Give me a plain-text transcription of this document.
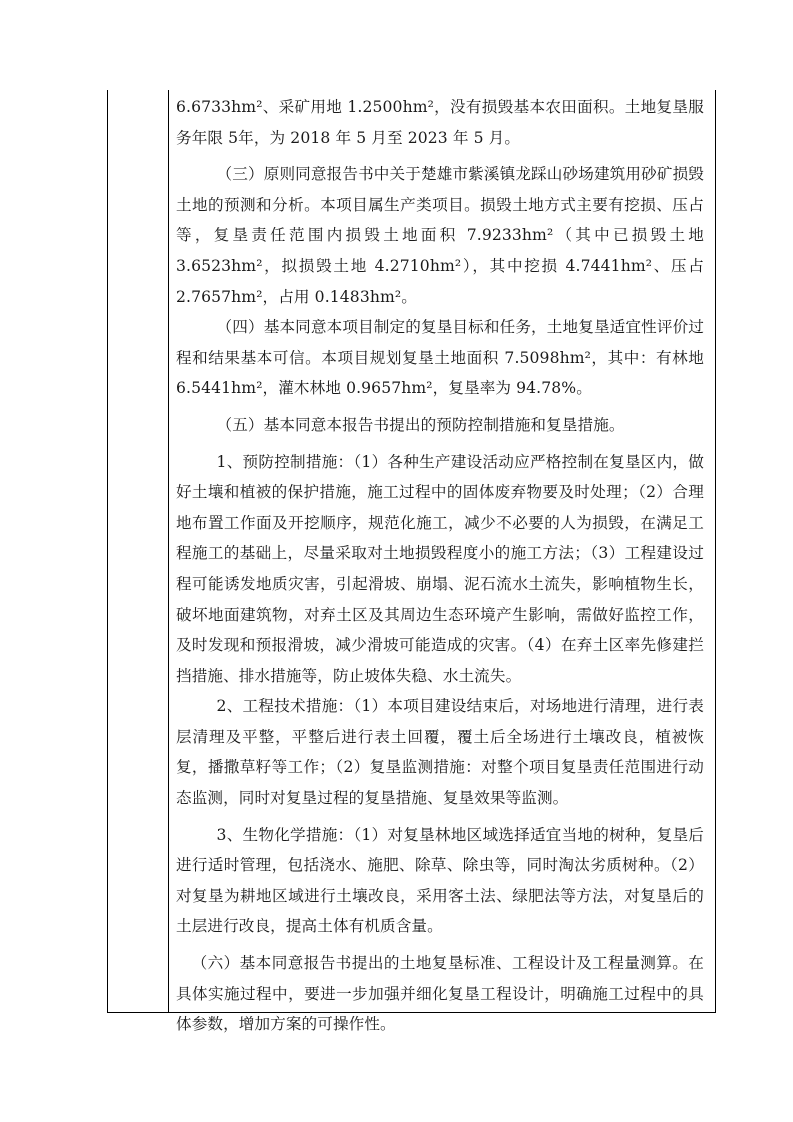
6.6733hm²、采矿用地 1.2500hm²，没有损毁基本农田面积。土地复垦服务年限 5年，为 2018 年 5 月至 2023 年 5 月。

（三）原则同意报告书中关于楚雄市紫溪镇龙踩山砂场建筑用砂矿损毁土地的预测和分析。本项目属生产类项目。损毁土地方式主要有挖损、压占等，复垦责任范围内损毁土地面积 7.9233hm²（其中已损毁土地 3.6523hm²，拟损毁土地 4.2710hm²），其中挖损 4.7441hm²、压占 2.7657hm²，占用 0.1483hm²。

（四）基本同意本项目制定的复垦目标和任务，土地复垦适宜性评价过程和结果基本可信。本项目规划复垦土地面积 7.5098hm²，其中：有林地 6.5441hm²，灌木林地 0.9657hm²，复垦率为 94.78%。

（五）基本同意本报告书提出的预防控制措施和复垦措施。

1、预防控制措施：（1）各种生产建设活动应严格控制在复垦区内，做好土壤和植被的保护措施，施工过程中的固体废弃物要及时处理；（2）合理地布置工作面及开挖顺序，规范化施工，减少不必要的人为损毁，在满足工程施工的基础上，尽量采取对土地损毁程度小的施工方法；（3）工程建设过程可能诱发地质灾害，引起滑坡、崩塌、泥石流水土流失，影响植物生长，破坏地面建筑物，对弃土区及其周边生态环境产生影响，需做好监控工作，及时发现和预报滑坡，减少滑坡可能造成的灾害。（4）在弃土区率先修建拦挡措施、排水措施等，防止坡体失稳、水土流失。

2、工程技术措施：（1）本项目建设结束后，对场地进行清理，进行表层清理及平整，平整后进行表土回覆，覆土后全场进行土壤改良，植被恢复，播撒草籽等工作；（2）复垦监测措施：对整个项目复垦责任范围进行动态监测，同时对复垦过程的复垦措施、复垦效果等监测。

3、生物化学措施：（1）对复垦林地区域选择适宜当地的树种，复垦后进行适时管理，包括浇水、施肥、除草、除虫等，同时淘汰劣质树种。（2）对复垦为耕地区域进行土壤改良，采用客土法、绿肥法等方法，对复垦后的土层进行改良，提高土体有机质含量。

（六）基本同意报告书提出的土地复垦标准、工程设计及工程量测算。在具体实施过程中，要进一步加强并细化复垦工程设计，明确施工过程中的具体参数，增加方案的可操作性。
